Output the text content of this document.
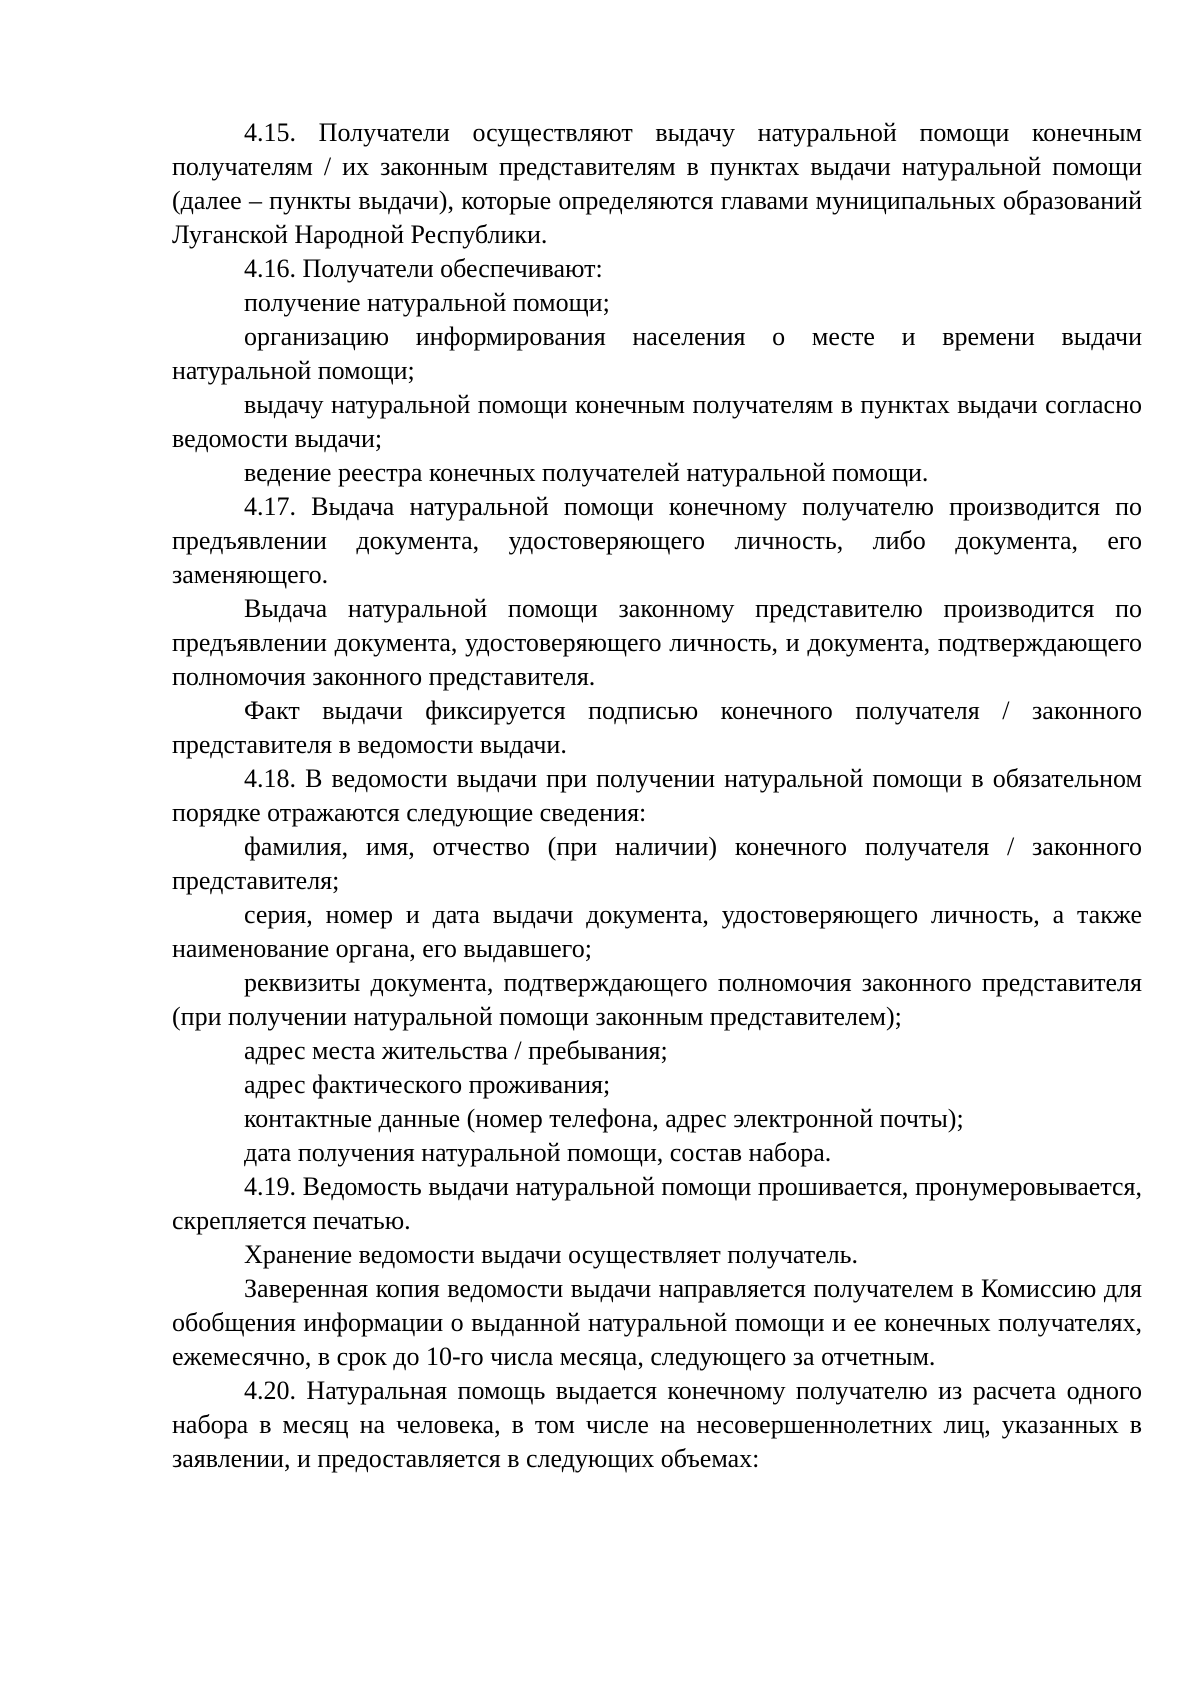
4.15. Получатели осуществляют выдачу натуральной помощи конечным получателям / их законным представителям в пунктах выдачи натуральной помощи (далее – пункты выдачи), которые определяются главами муниципальных образований Луганской Народной Республики.

4.16. Получатели обеспечивают:

получение натуральной помощи;

организацию информирования населения о месте и времени выдачи натуральной помощи;

выдачу натуральной помощи конечным получателям в пунктах выдачи согласно ведомости выдачи;

ведение реестра конечных получателей натуральной помощи.

4.17. Выдача натуральной помощи конечному получателю производится по предъявлении документа, удостоверяющего личность, либо документа, его заменяющего.

Выдача натуральной помощи законному представителю производится по предъявлении документа, удостоверяющего личность, и документа, подтверждающего полномочия законного представителя.

Факт выдачи фиксируется подписью конечного получателя / законного представителя в ведомости выдачи.

4.18. В ведомости выдачи при получении натуральной помощи в обязательном порядке отражаются следующие сведения:

фамилия, имя, отчество (при наличии) конечного получателя / законного представителя;

серия, номер и дата выдачи документа, удостоверяющего личность, а также наименование органа, его выдавшего;

реквизиты документа, подтверждающего полномочия законного представителя (при получении натуральной помощи законным представителем);

адрес места жительства / пребывания;

адрес фактического проживания;

контактные данные (номер телефона, адрес электронной почты);

дата получения натуральной помощи, состав набора.

4.19. Ведомость выдачи натуральной помощи прошивается, пронумеровывается, скрепляется печатью.

Хранение ведомости выдачи осуществляет получатель.

Заверенная копия ведомости выдачи направляется получателем в Комиссию для обобщения информации о выданной натуральной помощи и ее конечных получателях, ежемесячно, в срок до 10-го числа месяца, следующего за отчетным.

4.20. Натуральная помощь выдается конечному получателю из расчета одного набора в месяц на человека, в том числе на несовершеннолетних лиц, указанных в заявлении, и предоставляется в следующих объемах:
